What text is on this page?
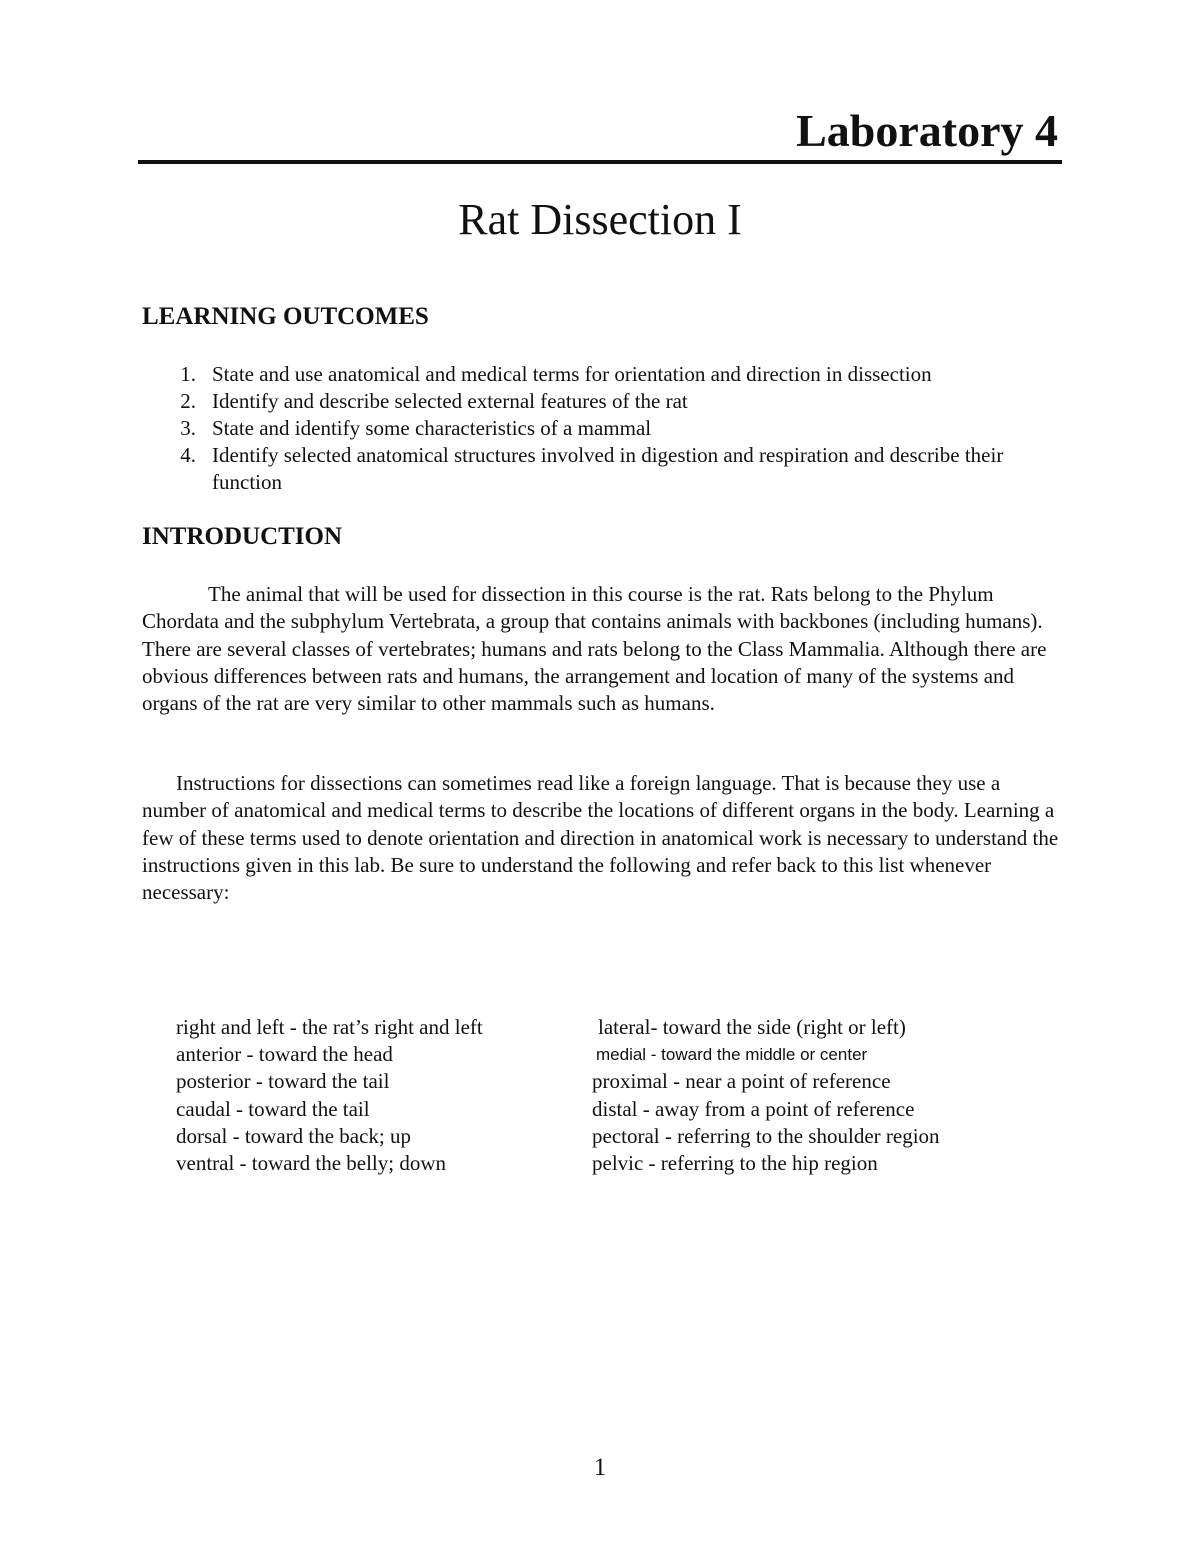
Laboratory 4
Rat Dissection I
LEARNING OUTCOMES
1. State and use anatomical and medical terms for orientation and direction in dissection
2. Identify and describe selected external features of the rat
3. State and identify some characteristics of a mammal
4. Identify selected anatomical structures involved in digestion and respiration and describe their function
INTRODUCTION

The animal that will be used for dissection in this course is the rat. Rats belong to the Phylum Chordata and the subphylum Vertebrata, a group that contains animals with backbones (including humans). There are several classes of vertebrates; humans and rats belong to the Class Mammalia. Although there are obvious differences between rats and humans, the arrangement and location of many of the systems and organs of the rat are very similar to other mammals such as humans.

Instructions for dissections can sometimes read like a foreign language. That is because they use a number of anatomical and medical terms to describe the locations of different organs in the body. Learning a few of these terms used to denote orientation and direction in anatomical work is necessary to understand the instructions given in this lab. Be sure to understand the following and refer back to this list whenever necessary:

right and left - the rat’s right and left
anterior - toward the head
posterior - toward the tail
caudal - toward the tail
dorsal - toward the back; up
ventral - toward the belly; down
lateral- toward the side (right or left)
medial - toward the middle or center
proximal - near a point of reference
distal - away from a point of reference
pectoral - referring to the shoulder region
pelvic - referring to the hip region

1
